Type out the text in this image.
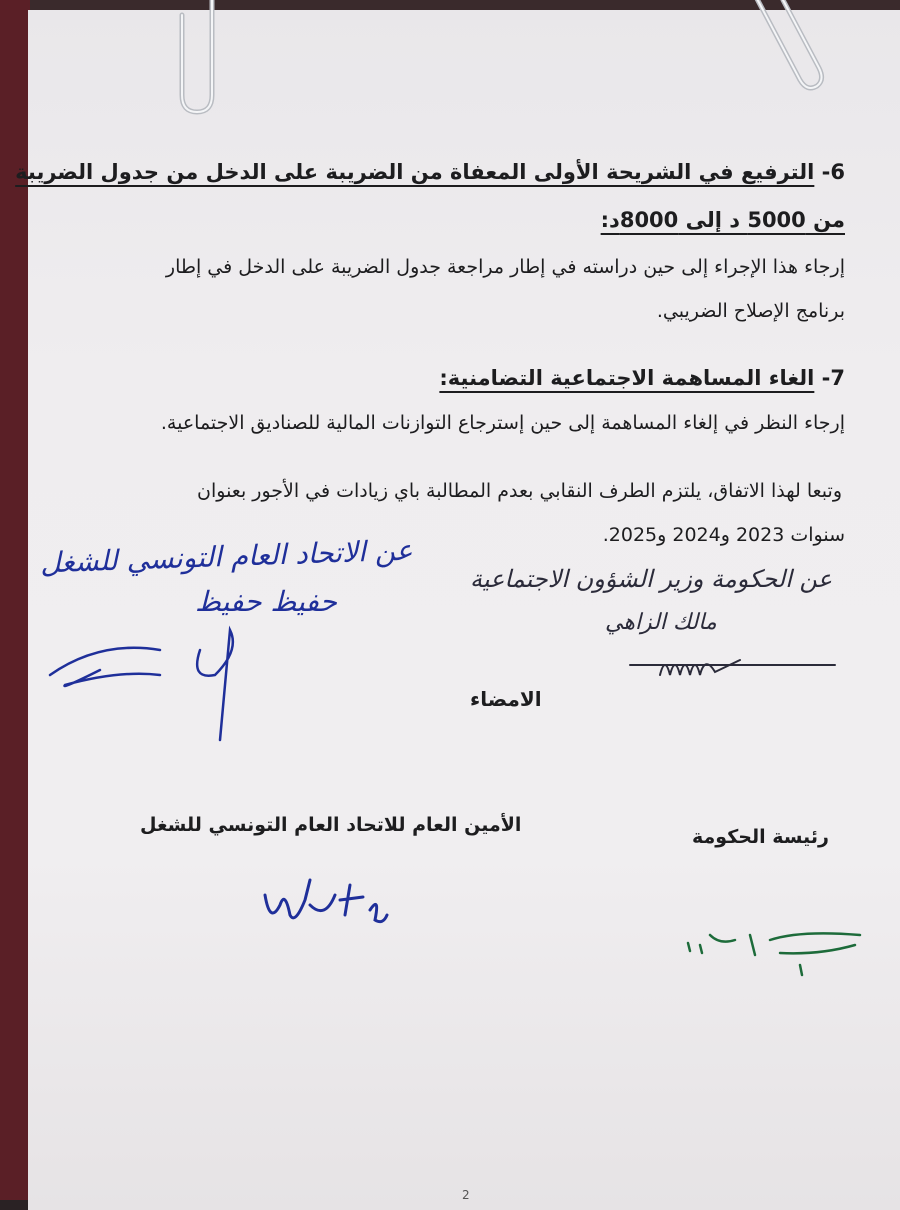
6- الترفيع في الشريحة الأولى المعفاة من الضريبة على الدخل من جدول الضريبة
من 5000 د إلى 8000د:
إرجاء هذا الإجراء إلى حين دراسته في إطار مراجعة جدول الضريبة على الدخل في إطار
برنامج الإصلاح الضريبي.
7- الغاء المساهمة الاجتماعية التضامنية:
إرجاء النظر في إلغاء المساهمة إلى حين إسترجاع التوازنات المالية للصناديق الاجتماعية.
وتبعا لهذا الاتفاق، يلتزم الطرف النقابي بعدم المطالبة باي زيادات في الأجور بعنوان
سنوات 2023 و2024 و2025.
عن الاتحاد العام التونسي للشغل
حفيظ حفيظ
عن الحكومة وزير الشؤون الاجتماعية
مالك الزاهي
الامضاء
الأمين العام للاتحاد العام التونسي للشغل
رئيسة الحكومة
2
